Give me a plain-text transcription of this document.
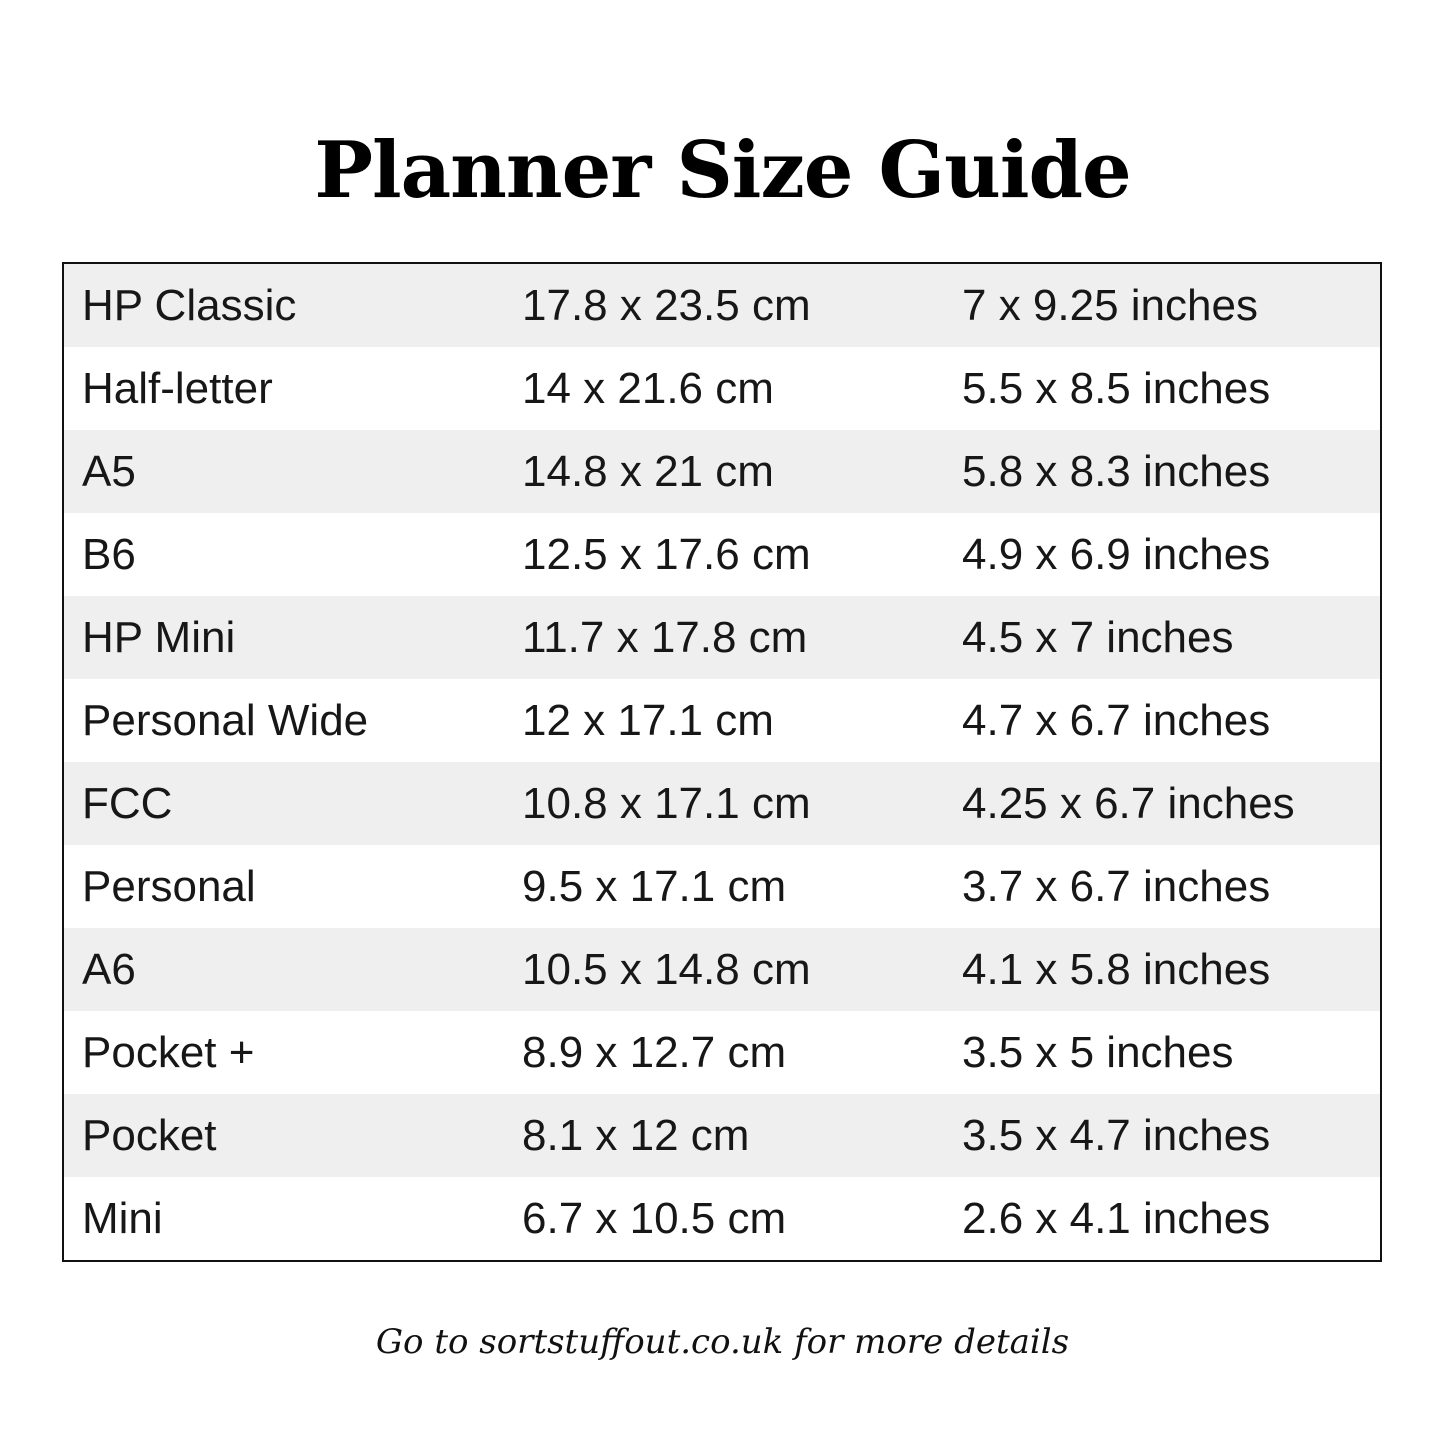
Planner Size Guide
HP Classic	17.8 x 23.5 cm	7 x 9.25 inches
Half-letter	14 x 21.6 cm	5.5 x 8.5 inches
A5	14.8 x 21 cm	5.8 x 8.3 inches
B6	12.5 x 17.6 cm	4.9 x 6.9 inches
HP Mini	11.7 x 17.8 cm	4.5 x 7 inches
Personal Wide	12 x 17.1 cm	4.7 x 6.7 inches
FCC	10.8 x 17.1 cm	4.25 x 6.7 inches
Personal	9.5 x 17.1 cm	3.7 x 6.7 inches
A6	10.5 x 14.8 cm	4.1 x 5.8 inches
Pocket +	8.9 x 12.7 cm	3.5 x 5 inches
Pocket	8.1 x 12 cm	3.5 x 4.7 inches
Mini	6.7 x 10.5 cm	2.6 x 4.1 inches
Go to sortstuffout.co.uk for more details
